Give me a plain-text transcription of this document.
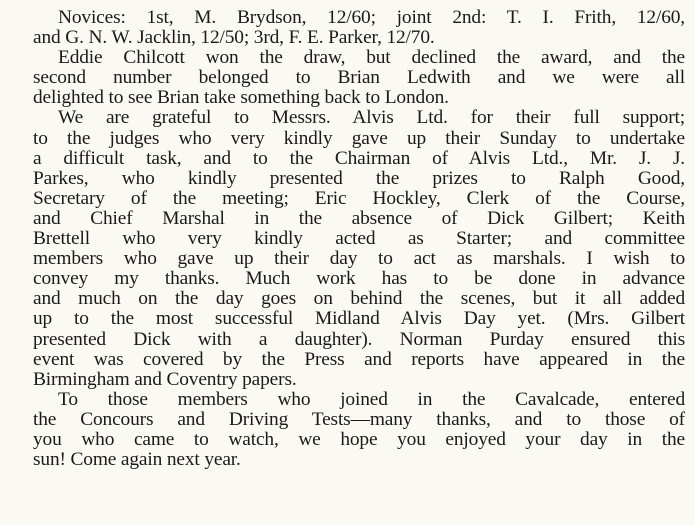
Novices: 1st, M. Brydson, 12/60; joint 2nd: T. I. Frith, 12/60,
and G. N. W. Jacklin, 12/50; 3rd, F. E. Parker, 12/70.
Eddie Chilcott won the draw, but declined the award, and the
second number belonged to Brian Ledwith and we were all
delighted to see Brian take something back to London.
We are grateful to Messrs. Alvis Ltd. for their full support;
to the judges who very kindly gave up their Sunday to undertake
a difficult task, and to the Chairman of Alvis Ltd., Mr. J. J.
Parkes, who kindly presented the prizes to Ralph Good,
Secretary of the meeting; Eric Hockley, Clerk of the Course,
and Chief Marshal in the absence of Dick Gilbert; Keith
Brettell who very kindly acted as Starter; and committee
members who gave up their day to act as marshals. I wish to
convey my thanks. Much work has to be done in advance
and much on the day goes on behind the scenes, but it all added
up to the most successful Midland Alvis Day yet. (Mrs. Gilbert
presented Dick with a daughter). Norman Purday ensured this
event was covered by the Press and reports have appeared in the
Birmingham and Coventry papers.
To those members who joined in the Cavalcade, entered
the Concours and Driving Tests—many thanks, and to those of
you who came to watch, we hope you enjoyed your day in the
sun! Come again next year.
